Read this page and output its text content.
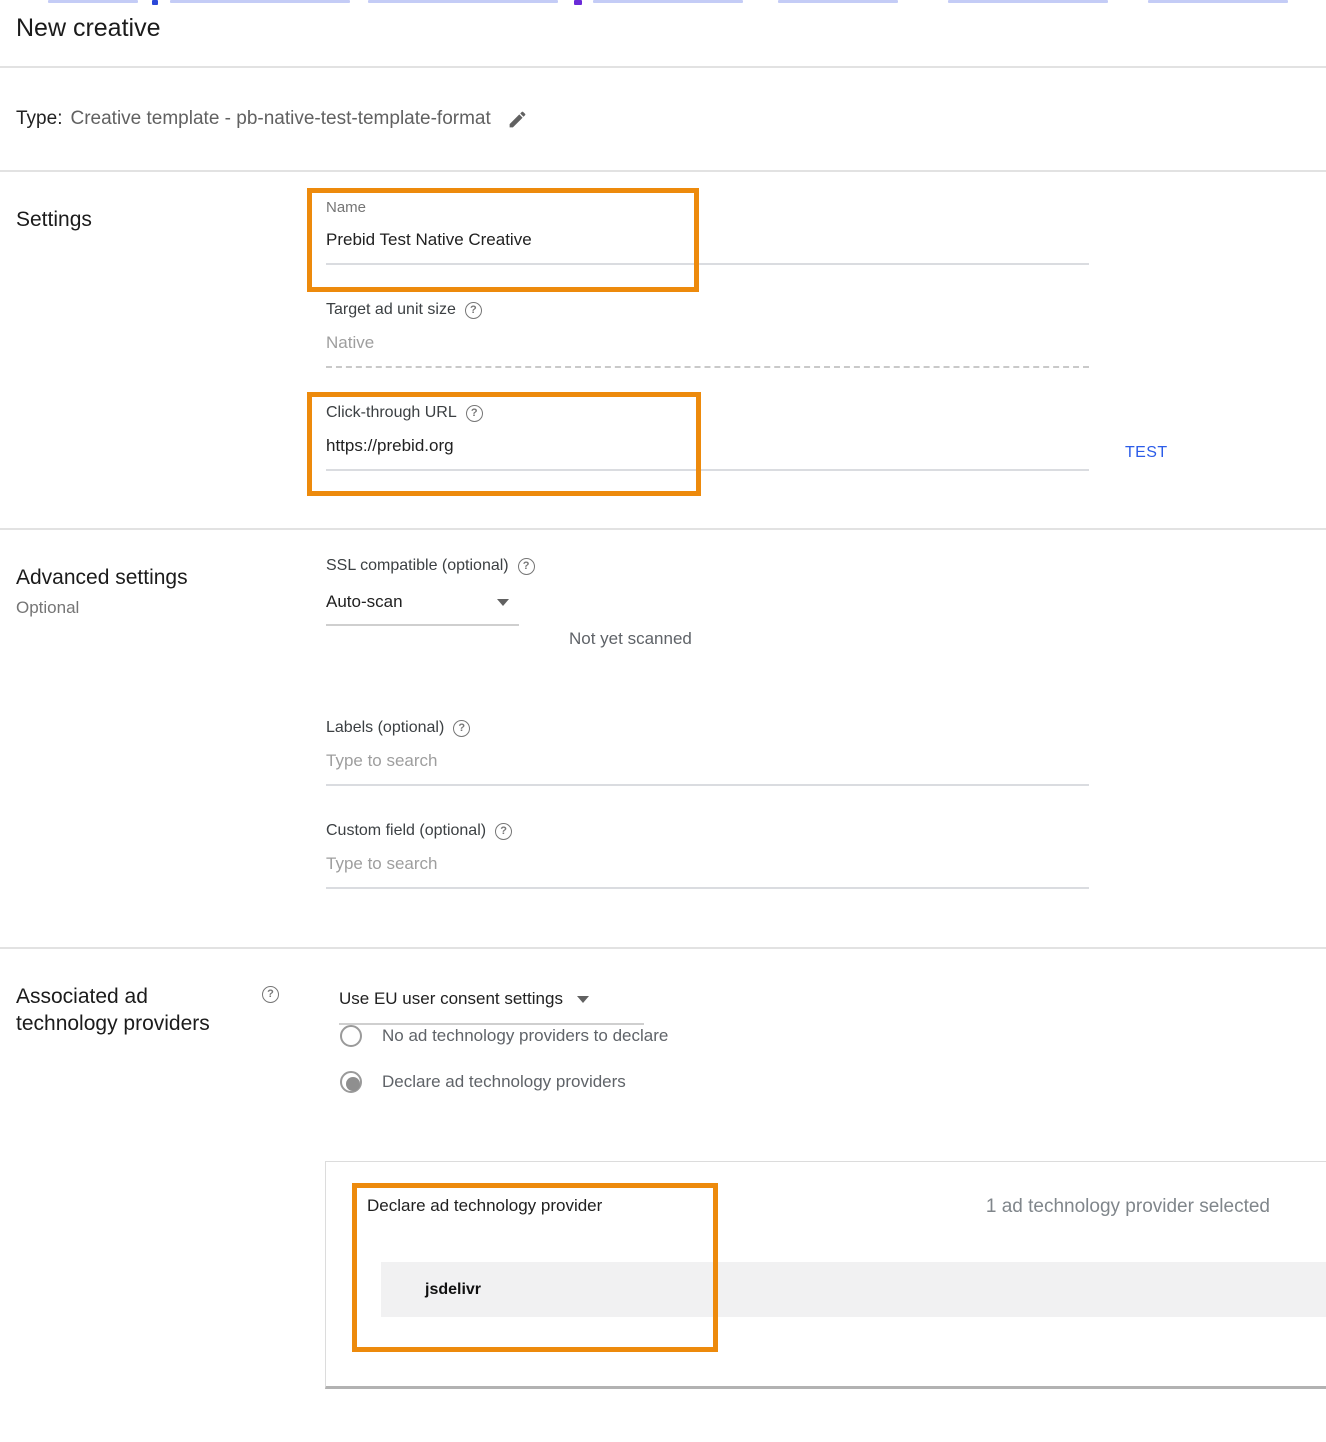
New creative
Type: Creative template - pb-native-test-template-format
Settings
Name
Prebid Test Native Creative
Target ad unit size	?
Native
Click-through URL	?
https://prebid.org
TEST
Advanced settings
Optional
SSL compatible (optional)	?
Auto-scan
Not yet scanned
Labels (optional)	?
Type to search
Custom field (optional)	?
Type to search
Associated ad technology providers
?	Use EU user consent settings
No ad technology providers to declare
Declare ad technology providers
Declare ad technology provider	1 ad technology provider selected
jsdelivr
